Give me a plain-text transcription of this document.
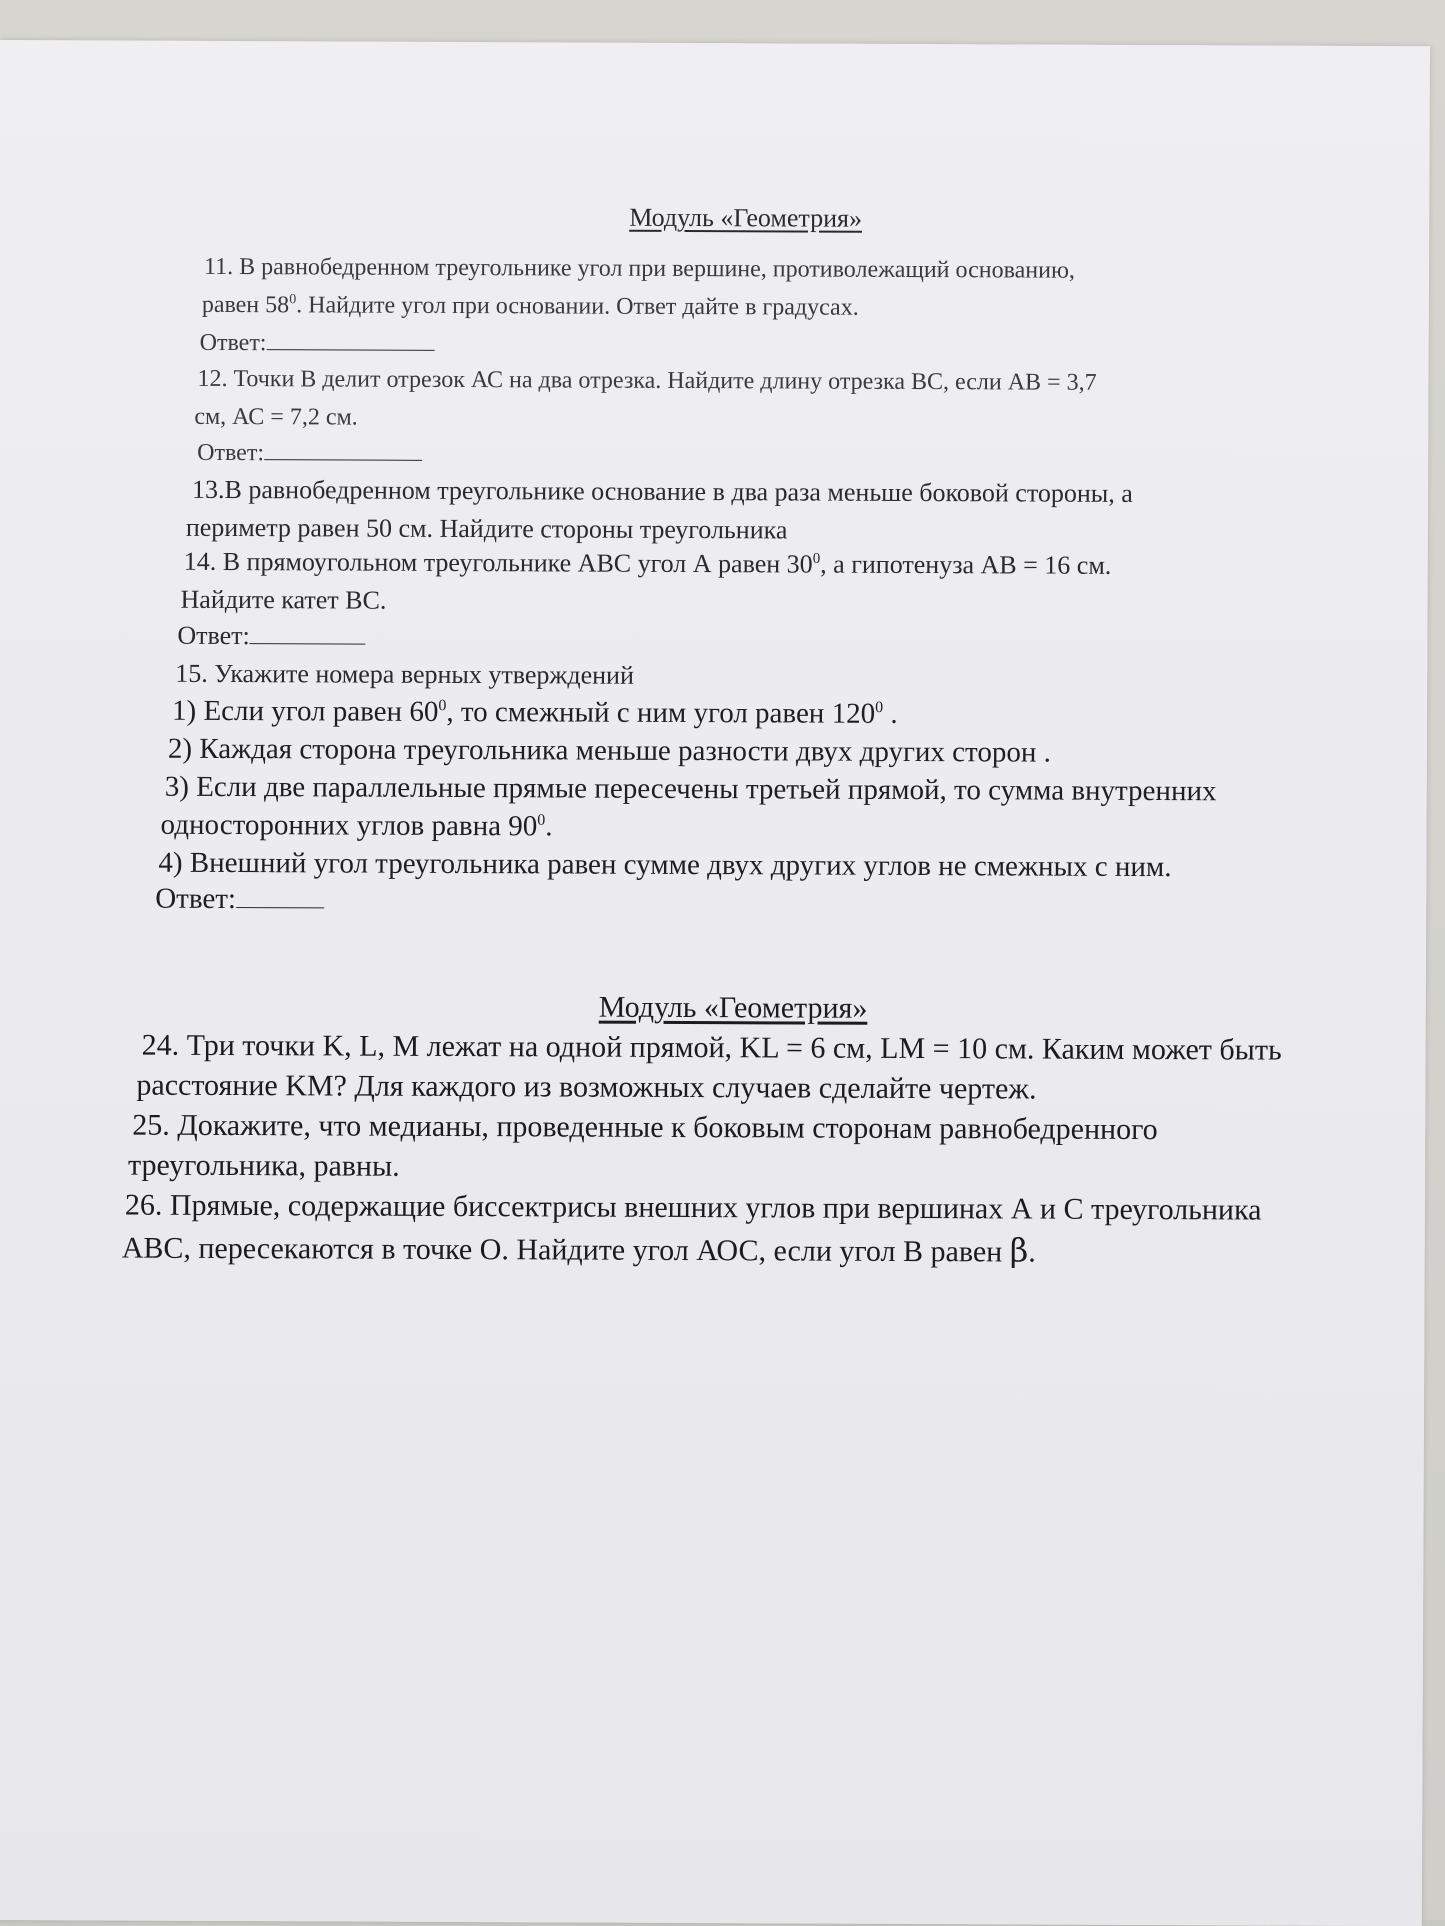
Модуль «Геометрия»
11. В равнобедренном треугольнике угол при вершине, противолежащий основанию,
равен $58^0$. Найдите угол при основании. Ответ дайте в градусах.
Ответ:
12. Точки В делит отрезок АС на два отрезка. Найдите длину отрезка ВС, если АВ = 3,7
см, АС = 7,2 см.
Ответ:
13.В равнобедренном треугольнике основание в два раза меньше боковой стороны, а
периметр равен 50 см. Найдите стороны треугольника
14. В прямоугольном треугольнике АВС угол А равен $30^0$, а гипотенуза АВ = 16 см.
Найдите катет ВС.
Ответ:
15. Укажите номера верных утверждений
1) Если угол равен $60^0$, то смежный с ним угол равен $120^0$ .
2) Каждая сторона треугольника меньше разности двух других сторон .
3) Если две параллельные прямые пересечены третьей прямой, то сумма внутренних
односторонних углов равна $90^0$.
4) Внешний угол треугольника равен сумме двух других углов не смежных с ним.
Ответ:
Модуль «Геометрия»
24. Три точки K, L, M лежат на одной прямой, KL = 6 см, LM = 10 см. Каким может быть
расстояние KM? Для каждого из возможных случаев сделайте чертеж.
25. Докажите, что медианы, проведенные к боковым сторонам равнобедренного
треугольника, равны.
26. Прямые, содержащие биссектрисы внешних углов при вершинах А и С треугольника
АВС, пересекаются в точке О. Найдите угол АОС, если угол В равен β.
